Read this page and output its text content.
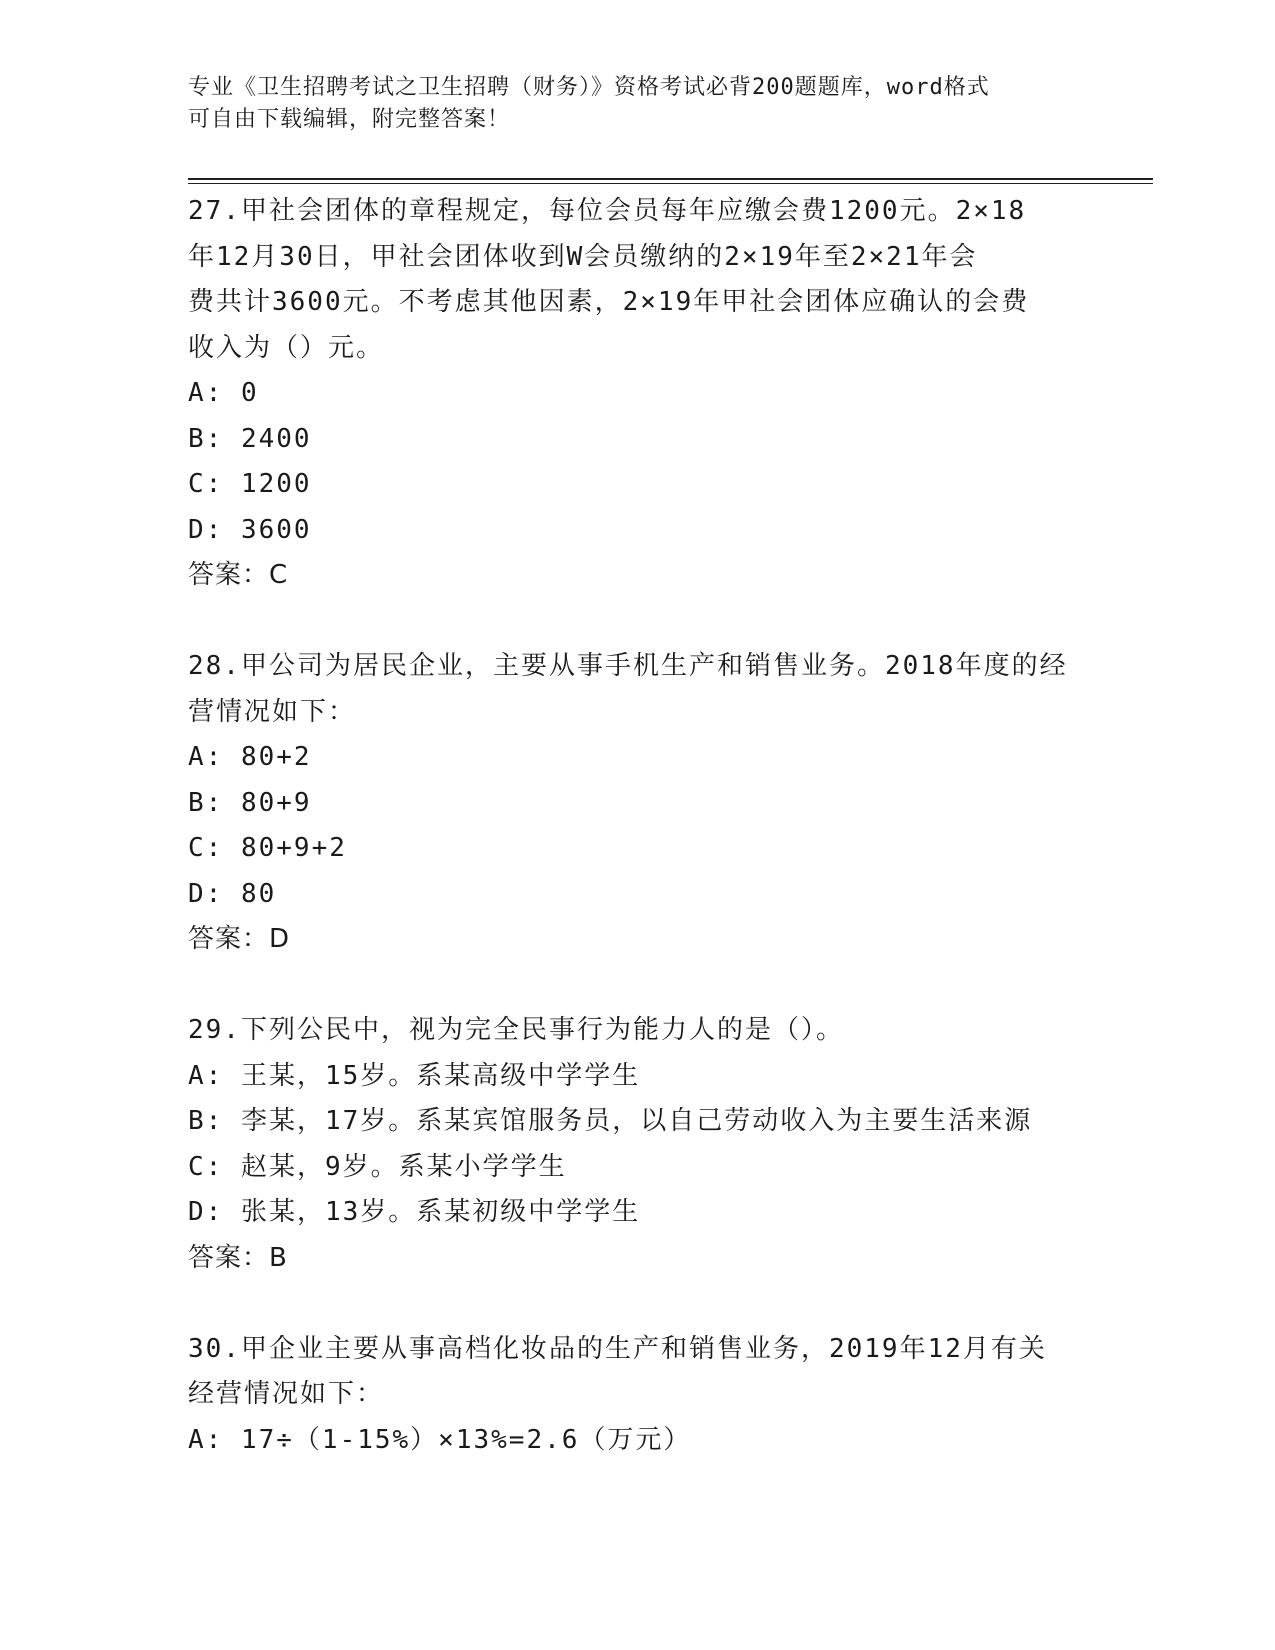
专业《卫生招聘考试之卫生招聘（财务）》资格考试必背200题题库，word格式
可自由下载编辑，附完整答案！

27.甲社会团体的章程规定，每位会员每年应缴会费1200元。2×18

年12月30日，甲社会团体收到W会员缴纳的2×19年至2×21年会

费共计3600元。不考虑其他因素，2×19年甲社会团体应确认的会费

收入为（）元。

A: 0

B: 2400

C: 1200

D: 3600

答案：C

28.甲公司为居民企业，主要从事手机生产和销售业务。2018年度的经

营情况如下：

A: 80+2

B: 80+9

C: 80+9+2

D: 80

答案：D

29.下列公民中，视为完全民事行为能力人的是（）。

A: 王某，15岁。系某高级中学学生

B: 李某，17岁。系某宾馆服务员，以自己劳动收入为主要生活来源

C: 赵某，9岁。系某小学学生

D: 张某，13岁。系某初级中学学生

答案：B

30.甲企业主要从事高档化妆品的生产和销售业务，2019年12月有关

经营情况如下：

A: 17÷（1-15%）×13%=2.6（万元）
